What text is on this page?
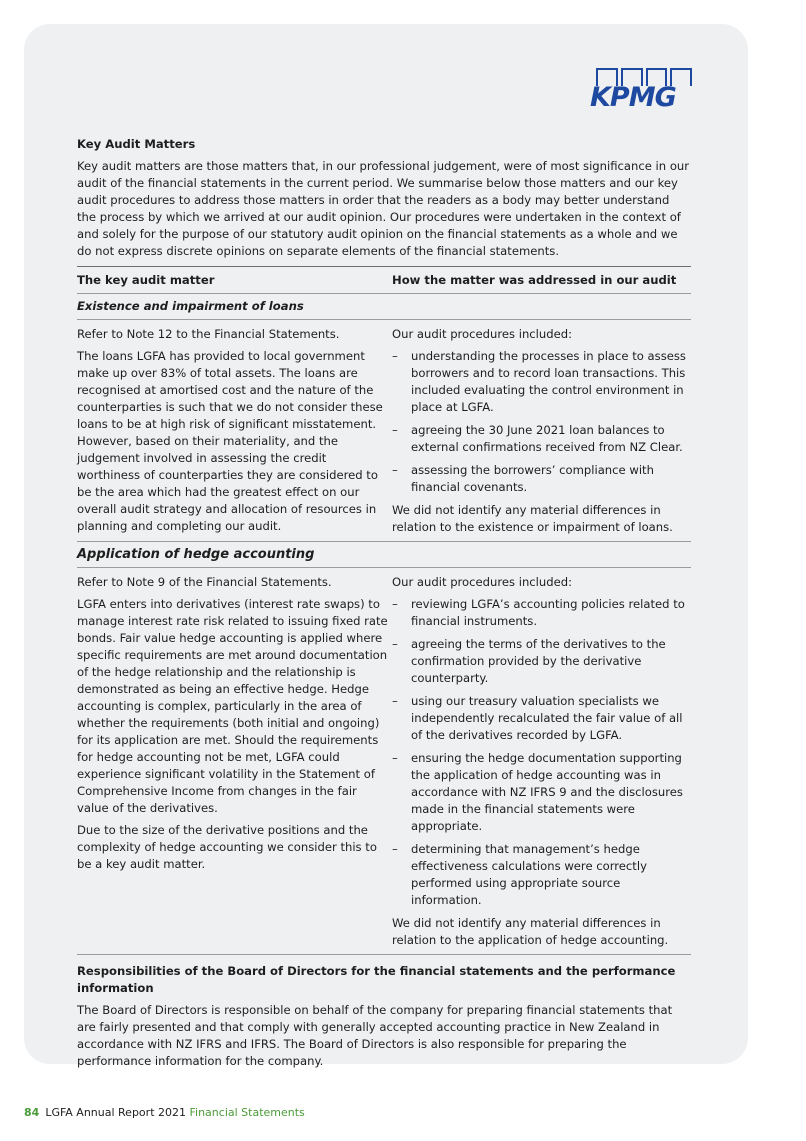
KPMG
Key Audit Matters

Key audit matters are those matters that, in our professional judgement, were of most significance in our audit of the financial statements in the current period. We summarise below those matters and our key audit procedures to address those matters in order that the readers as a body may better understand the process by which we arrived at our audit opinion. Our procedures were undertaken in the context of and solely for the purpose of our statutory audit opinion on the financial statements as a whole and we do not express discrete opinions on separate elements of the financial statements.

The key audit matter	How the matter was addressed in our audit
Existence and impairment of loans

Refer to Note 12 to the Financial Statements.

The loans LGFA has provided to local government make up over 83% of total assets. The loans are recognised at amortised cost and the nature of the counterparties is such that we do not consider these loans to be at high risk of significant misstatement. However, based on their materiality, and the judgement involved in assessing the credit worthiness of counterparties they are considered to be the area which had the greatest effect on our overall audit strategy and allocation of resources in planning and completing our audit.

Our audit procedures included:

– understanding the processes in place to assess borrowers and to record loan transactions. This included evaluating the control environment in place at LGFA.
– agreeing the 30 June 2021 loan balances to external confirmations received from NZ Clear.
– assessing the borrowers’ compliance with financial covenants.

We did not identify any material differences in relation to the existence or impairment of loans.

Application of hedge accounting

Refer to Note 9 of the Financial Statements.

LGFA enters into derivatives (interest rate swaps) to manage interest rate risk related to issuing fixed rate bonds. Fair value hedge accounting is applied where specific requirements are met around documentation of the hedge relationship and the relationship is demonstrated as being an effective hedge. Hedge accounting is complex, particularly in the area of whether the requirements (both initial and ongoing) for its application are met. Should the requirements for hedge accounting not be met, LGFA could experience significant volatility in the Statement of Comprehensive Income from changes in the fair value of the derivatives.

Due to the size of the derivative positions and the complexity of hedge accounting we consider this to be a key audit matter.

Our audit procedures included:

– reviewing LGFA’s accounting policies related to financial instruments.
– agreeing the terms of the derivatives to the confirmation provided by the derivative counterparty.
– using our treasury valuation specialists we independently recalculated the fair value of all of the derivatives recorded by LGFA.
– ensuring the hedge documentation supporting the application of hedge accounting was in accordance with NZ IFRS 9 and the disclosures made in the financial statements were appropriate.
– determining that management’s hedge effectiveness calculations were correctly performed using appropriate source information.

We did not identify any material differences in relation to the application of hedge accounting.

Responsibilities of the Board of Directors for the financial statements and the performance information

The Board of Directors is responsible on behalf of the company for preparing financial statements that are fairly presented and that comply with generally accepted accounting practice in New Zealand in accordance with NZ IFRS and IFRS. The Board of Directors is also responsible for preparing the performance information for the company.

84 LGFA Annual Report 2021 Financial Statements
